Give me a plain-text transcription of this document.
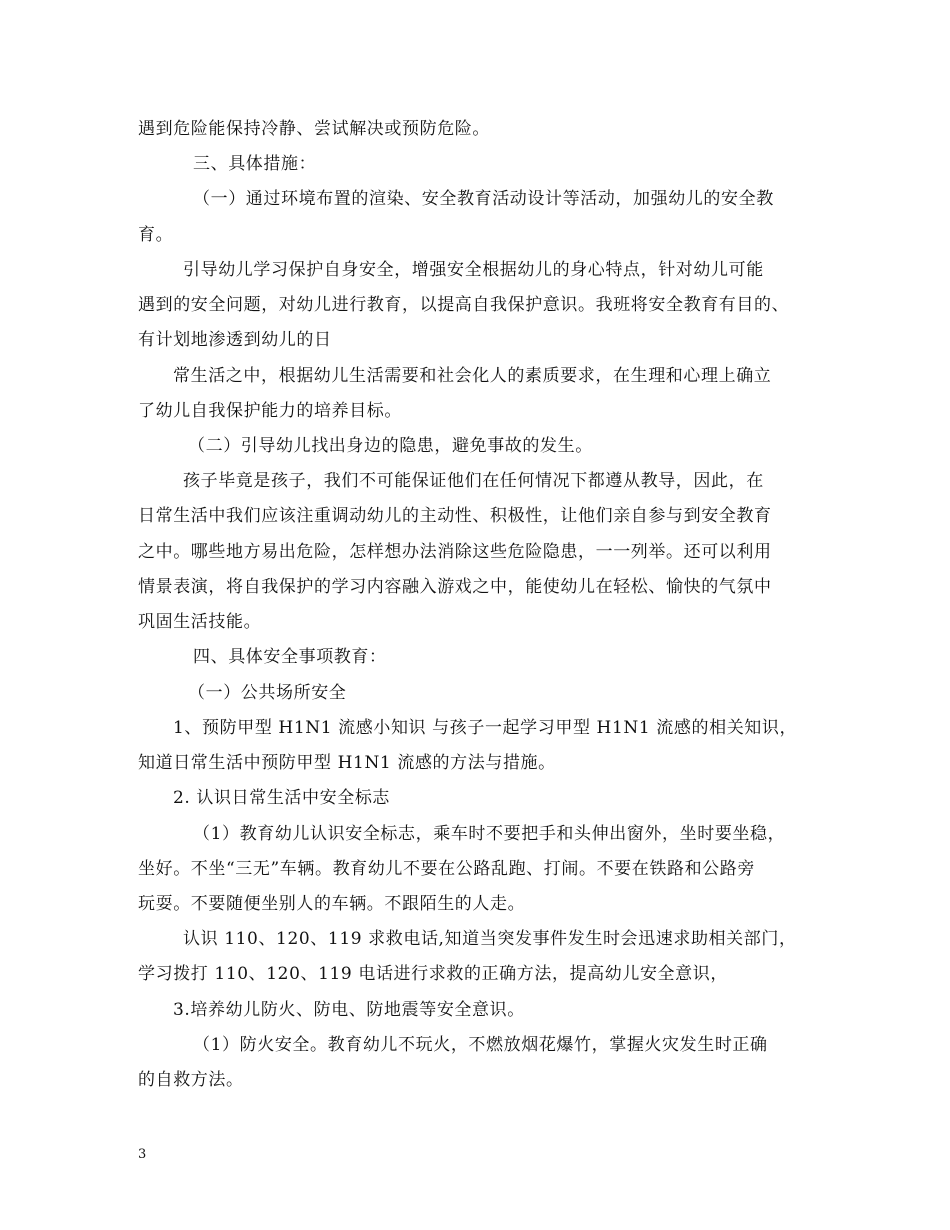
遇到危险能保持冷静、尝试解决或预防危险。
三、具体措施：
（一）通过环境布置的渲染、安全教育活动设计等活动，加强幼儿的安全教
育。
引导幼儿学习保护自身安全，增强安全根据幼儿的身心特点，针对幼儿可能
遇到的安全问题，对幼儿进行教育，以提高自我保护意识。我班将安全教育有目的、
有计划地渗透到幼儿的日
常生活之中，根据幼儿生活需要和社会化人的素质要求，在生理和心理上确立
了幼儿自我保护能力的培养目标。
（二）引导幼儿找出身边的隐患，避免事故的发生。
孩子毕竟是孩子，我们不可能保证他们在任何情况下都遵从教导，因此，在
日常生活中我们应该注重调动幼儿的主动性、积极性，让他们亲自参与到安全教育
之中。哪些地方易出危险，怎样想办法消除这些危险隐患，一一列举。还可以利用
情景表演，将自我保护的学习内容融入游戏之中，能使幼儿在轻松、愉快的气氛中
巩固生活技能。
四、具体安全事项教育：
（一）公共场所安全
1、预防甲型 H1N1 流感小知识 与孩子一起学习甲型 H1N1 流感的相关知识，
知道日常生活中预防甲型 H1N1 流感的方法与措施。
2. 认识日常生活中安全标志
（1）教育幼儿认识安全标志，乘车时不要把手和头伸出窗外，坐时要坐稳，
坐好。不坐“三无”车辆。教育幼儿不要在公路乱跑、打闹。不要在铁路和公路旁
玩耍。不要随便坐别人的车辆。不跟陌生的人走。
认识 110、120、119 求救电话,知道当突发事件发生时会迅速求助相关部门，
学习拨打 110、120、119 电话进行求救的正确方法，提高幼儿安全意识，
3.培养幼儿防火、防电、防地震等安全意识。
（1）防火安全。教育幼儿不玩火，不燃放烟花爆竹，掌握火灾发生时正确
的自救方法。
3
